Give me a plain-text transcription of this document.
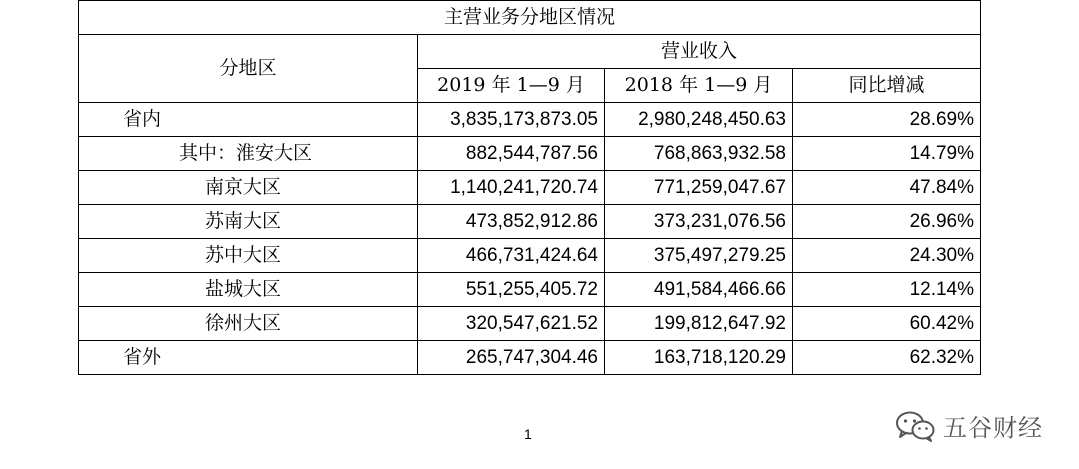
主营业务分地区情况			
分地区	营业收入		
	2019 年 1—9 月	2018 年 1—9 月	同比增减
省内	3,835,173,873.05	2,980,248,450.63	28.69%
其中：淮安大区	882,544,787.56	768,863,932.58	14.79%
南京大区	1,140,241,720.74	771,259,047.67	47.84%
苏南大区	473,852,912.86	373,231,076.56	26.96%
苏中大区	466,731,424.64	375,497,279.25	24.30%
盐城大区	551,255,405.72	491,584,466.66	12.14%
徐州大区	320,547,621.52	199,812,647.92	60.42%
省外	265,747,304.46	163,718,120.29	62.32%
1	五谷财经
